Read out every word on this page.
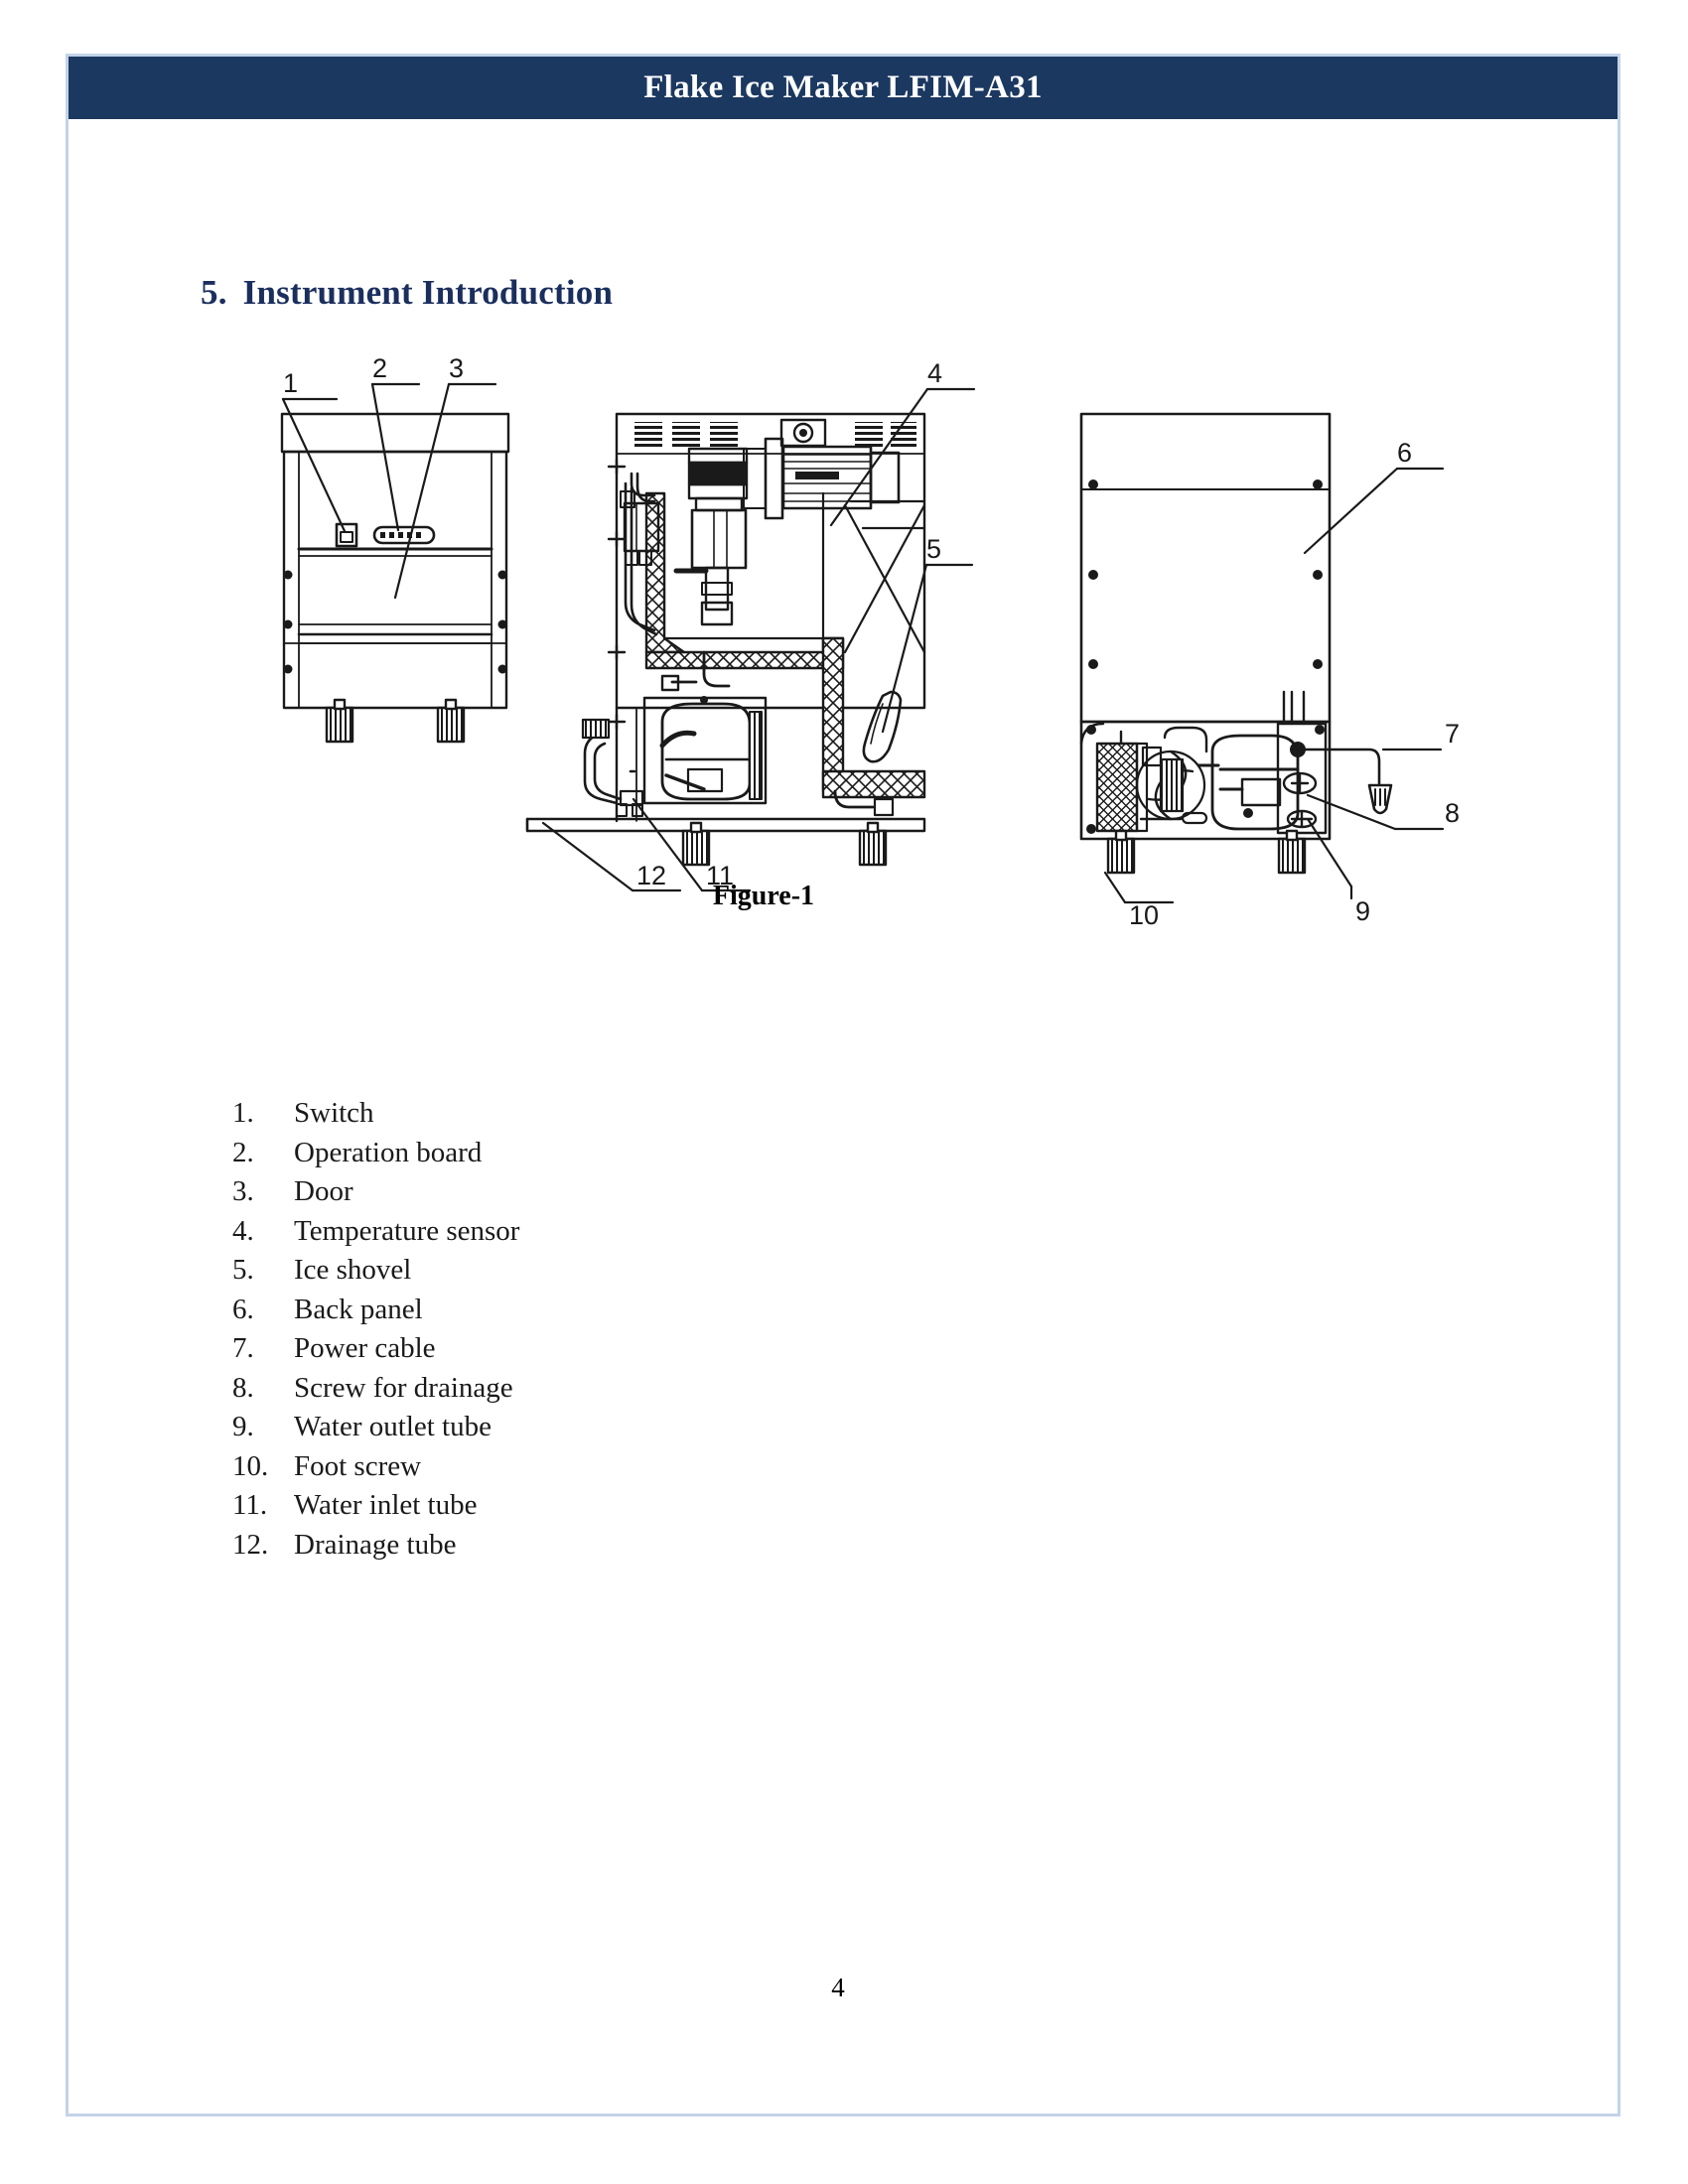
Flake Ice Maker LFIM-A31
5. Instrument Introduction
1	2 3	4
5
6
7
8
9
10
11
12
Figure-1
1.	Switch
2.	Operation board
3.	Door
4.	Temperature sensor
5.	Ice shovel
6.	Back panel
7.	Power cable
8.	Screw for drainage
9.	Water outlet tube
10. Foot screw
11. Water inlet tube
12. Drainage tube
4
